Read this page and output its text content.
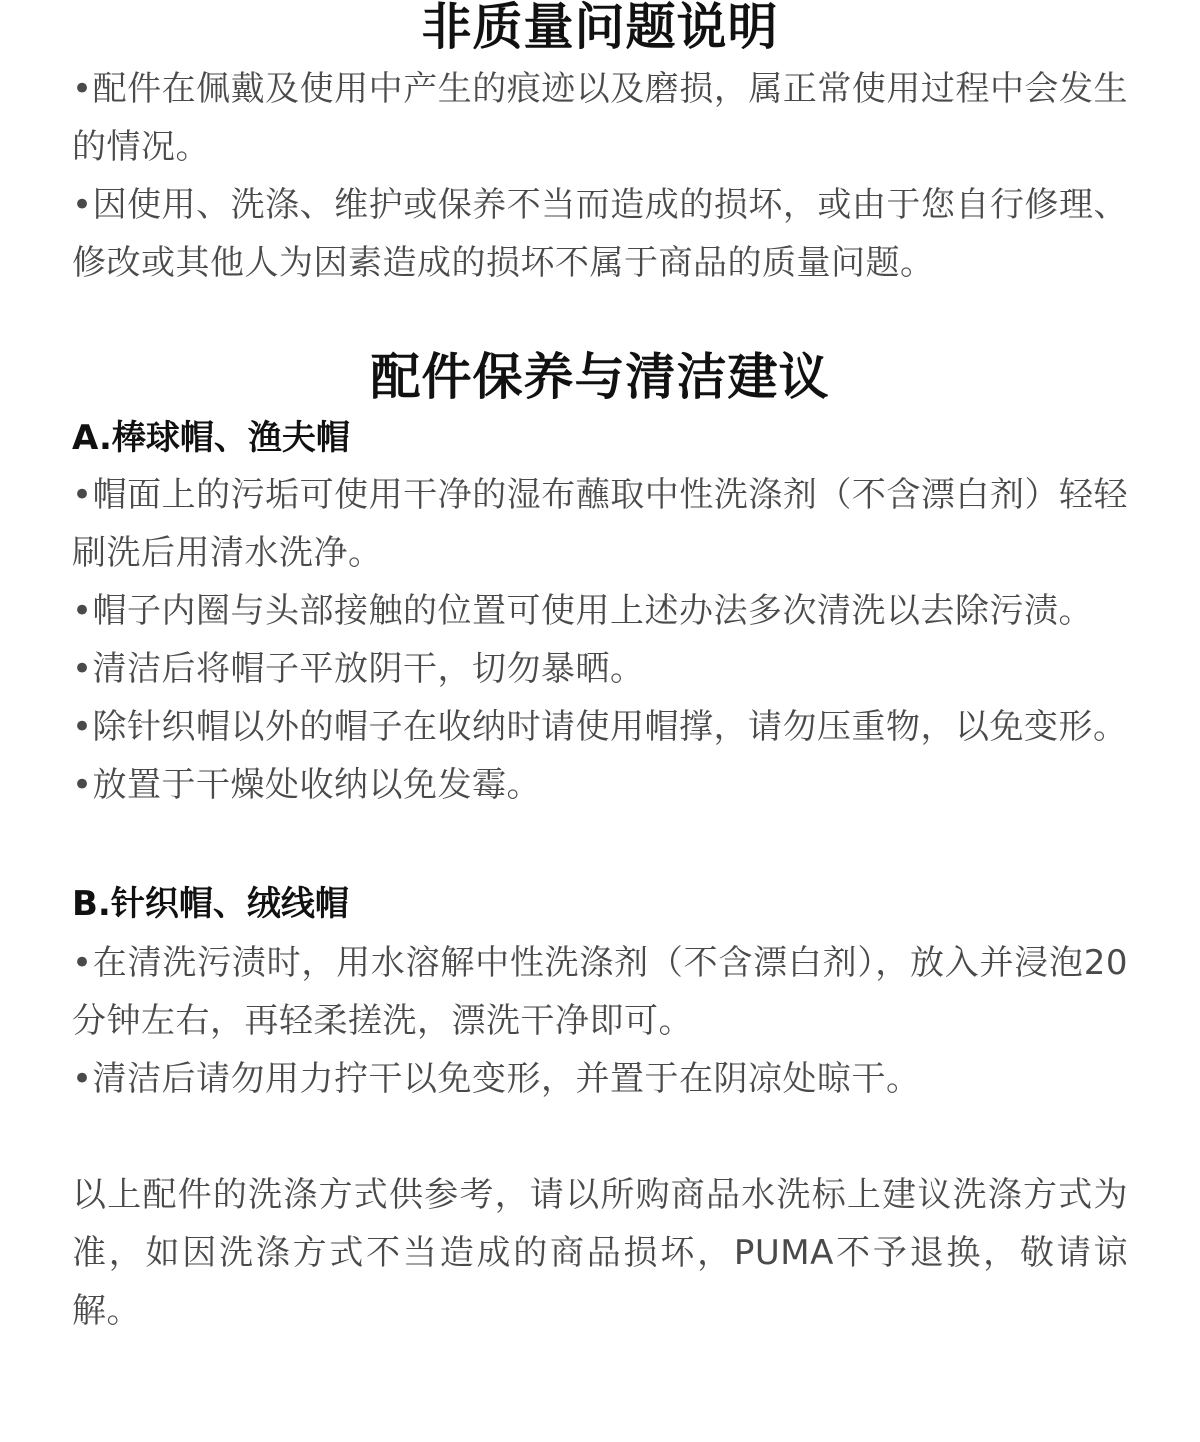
非质量问题说明

•配件在佩戴及使用中产生的痕迹以及磨损，属正常使用过程中会发生的情况。

•因使用、洗涤、维护或保养不当而造成的损坏，或由于您自行修理、修改或其他人为因素造成的损坏不属于商品的质量问题。

配件保养与清洁建议
A.棒球帽、渔夫帽

•帽面上的污垢可使用干净的湿布蘸取中性洗涤剂（不含漂白剂）轻轻刷洗后用清水洗净。

•帽子内圈与头部接触的位置可使用上述办法多次清洗以去除污渍。

•清洁后将帽子平放阴干，切勿暴晒。

•除针织帽以外的帽子在收纳时请使用帽撑，请勿压重物，以免变形。

•放置于干燥处收纳以免发霉。

B.针织帽、绒线帽

•在清洗污渍时，用水溶解中性洗涤剂（不含漂白剂），放入并浸泡20分钟左右，再轻柔搓洗，漂洗干净即可。

•清洁后请勿用力拧干以免变形，并置于在阴凉处晾干。

以上配件的洗涤方式供参考，请以所购商品水洗标上建议洗涤方式为准，如因洗涤方式不当造成的商品损坏，PUMA不予退换，敬请谅解。
